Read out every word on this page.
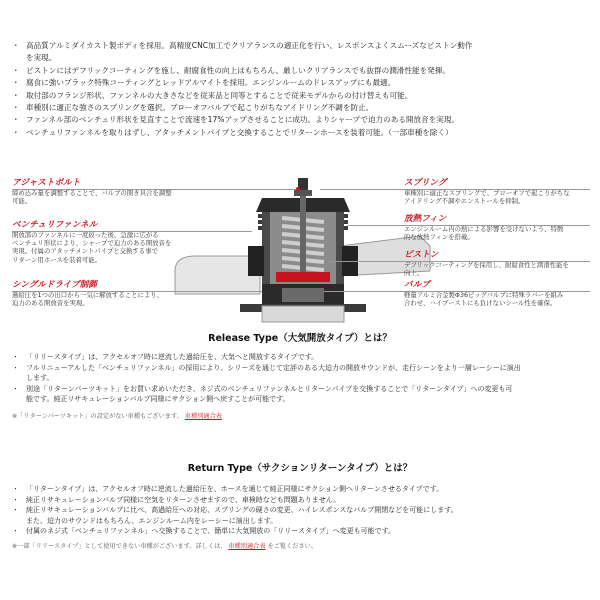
・ 高品質アルミダイカスト製ボディを採用。高精度CNC加工でクリアランスの適正化を行い、レスポンスよくスムーズなピストン動作
を実現。
・ ピストンにはデフリックコーティングを施し、耐腐食性の向上はもちろん、厳しいクリアランスでも抜群の潤滑性能を発揮。
・ 腐食に強いブラック特殊コーティングとレッドアルマイトを採用。エンジンルームのドレスアップにも最適。
・ 取付部のフランジ形状、ファンネルの大きさなどを従来品と同等とすることで従来モデルからの付け替えも可能。
・ 車種別に適正な強さのスプリングを選択。ブローオフバルブで起こりがちなアイドリング不調を防止。
・ ファンネル部のベンチュリ形状を見直すことで流速を17%アップさせることに成功。よりシャープで迫力のある開放音を実現。
・ ベンチュリファンネルを取りはずし、アタッチメントパイプと交換することでリターンホースを装着可能。（一部車種を除く）
アジャストボルト
締め込み量を調整することで、バルブの開き具合を調整
可能。
ベンチュリファンネル
開放部のファンネルに一度絞った後、急激に広がる
ベンチュリ形状により、シャープで迫力のある開放音を
実現。付属のアタッチメントパイプと交換する事で
リターン用ホースを装着可能。
シングルドライブ制御
過給圧を1つの出口から一気に解放することにより、
迫力のある開放音を実現。
スプリング
車種別に適正なスプリングで、ブローオフで起こりがちな
アイドリング不調やエンストールを抑制。
放熱フィン
エンジンルーム内の熱による影響を受けないよう、特徴
的な放熱フィンを搭載。
ピストン
デフリックコーティングを採用し、耐腐食性と潤滑性能を
向上。
バルブ
軽量アルミ合金製Φ36ビッグバルブに特殊ラバーを組み
合わせ、ハイブーストにも負けないシール性を確保。
Release Type（大気開放タイプ）とは？
・ 「リリースタイプ」は、アクセルオフ時に逆流した過給圧を、大気へと開放するタイプです。
・ フルリニューアルした「ベンチュリファンネル」の採用により、シリーズを通じて定評のある大迫力の開放サウンドが、走行シーンをより一層レーシーに演出
します。
・ 別途「リターンパーツキット」をお買い求めいただき、ネジ式のベンチュリファンネルとリターンパイプを交換することで「リターンタイプ」への変更も可
能です。純正リサキュレーションバルブ同様にサクション側へ戻すことが可能です。
※「リターンパーツキット」の設定がない車種もございます。 車種別適合表
Return Type（サクションリターンタイプ）とは？
・ 「リターンタイプ」は、アクセルオフ時に逆流した過給圧を、ホースを通じて純正同様にサクション側へリターンさせるタイプです。
・ 純正リサキュレーションバルブ同様に空気をリターンさせますので、車検時なども問題ありません。
・ 純正リサキュレーションバルブに比べ、高過給圧への対応、スプリングの硬さの変更、ハイレスポンスなバルブ開閉などを可能にします。
また、迫力のサウンドはもちろん、エンジンルーム内をレーシーに演出します。
・ 付属のネジ式「ベンチュリファンネル」へ交換することで、簡単に大気開放の「リリースタイプ」へ変更も可能です。
※一部「リリースタイプ」として使用できない車種がございます。詳しくは、 車種別適合表 をご覧ください。
